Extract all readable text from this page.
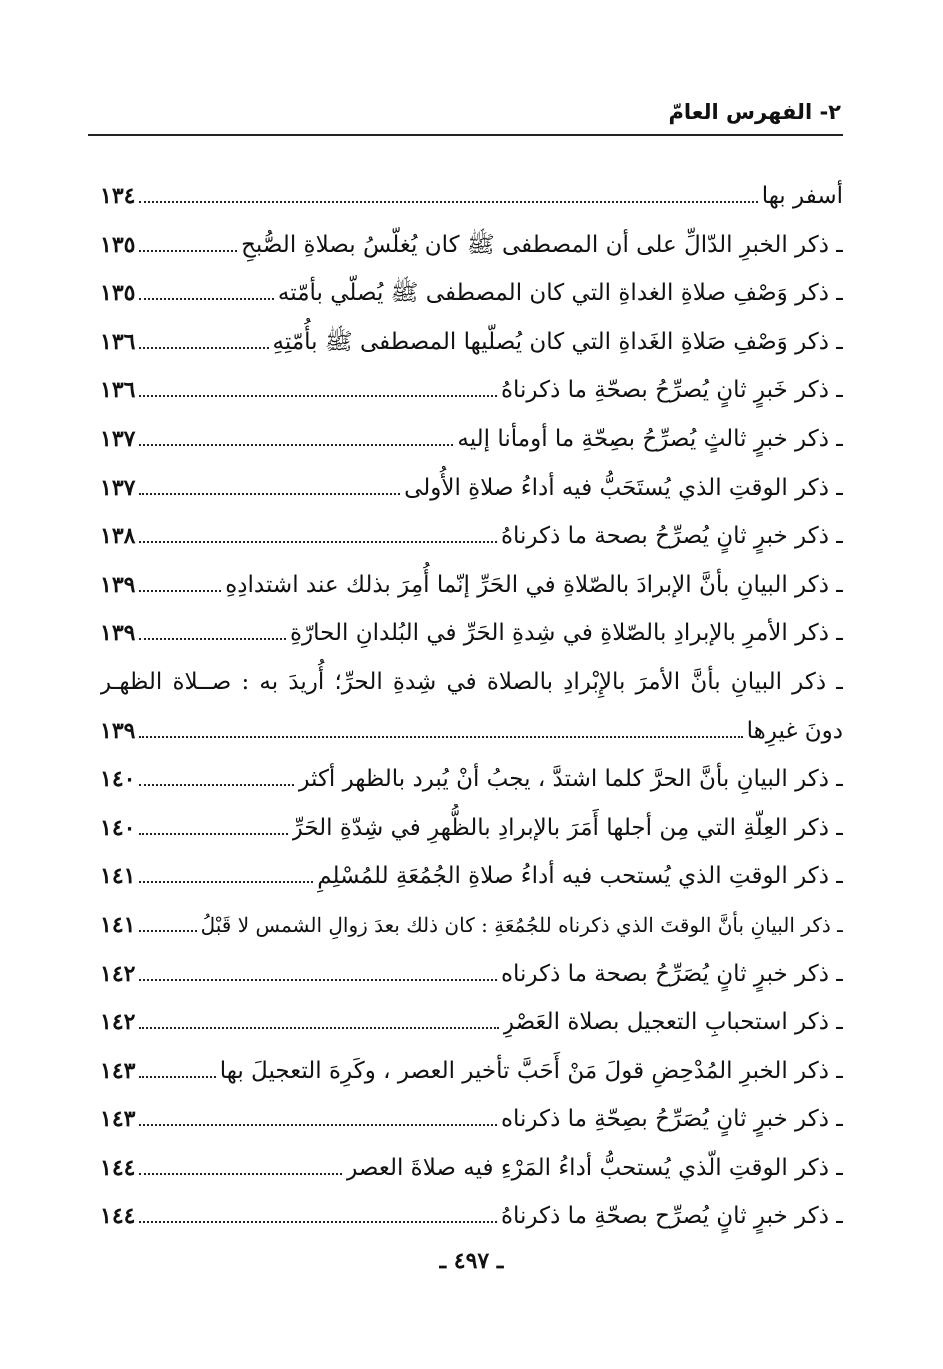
٢- الفهرس العامّ
أسفر بها
١٣٤
ـ ذكر الخبرِ الدّالِّ على أن المصطفى ﷺ كان يُغلّسُ بصلاةِ الصُّبحِ
١٣٥
ـ ذكر وَصْفِ صلاةِ الغداةِ التي كان المصطفى ﷺ يُصلّي بأمّته
١٣٥
ـ ذكر وَصْفِ صَلاةِ الغَداةِ التي كان يُصلّيها المصطفى ﷺ بأُمّتِهِ
١٣٦
ـ ذكر خَبرٍ ثانٍ يُصرِّحُ بصحّةِ ما ذكرناهُ
١٣٦
ـ ذكر خبرٍ ثالثٍ يُصرِّحُ بصِحّةِ ما أومأنا إليه
١٣٧
ـ ذكر الوقتِ الذي يُستَحَبُّ فيه أداءُ صلاةِ الأُولى
١٣٧
ـ ذكر خبرٍ ثانٍ يُصرِّحُ بصحة ما ذكرناهُ
١٣٨
ـ ذكر البيانِ بأنَّ الإبرادَ بالصّلاةِ في الحَرِّ إنّما أُمِرَ بذلك عند اشتدادِهِ
١٣٩
ـ ذكر الأمرِ بالإبرادِ بالصّلاةِ في شِدةِ الحَرِّ في البُلدانِ الحارّةِ
١٣٩
ـ ذكر البيانِ بأنَّ الأمرَ بالإِبْرادِ بالصلاة في شِدةِ الحرِّ؛ أُريدَ به : صــلاة الظهـر
دونَ غيرِها
١٣٩
ـ ذكر البيانِ بأنَّ الحرَّ كلما اشتدَّ ، يجبُ أنْ يُبرد بالظهر أكثر
١٤٠
ـ ذكر العِلّةِ التي مِن أجلها أَمَرَ بالإبرادِ بالظُّهرِ في شِدّةِ الحَرِّ
١٤٠
ـ ذكر الوقتِ الذي يُستحب فيه أداءُ صلاةِ الجُمُعَةِ للمُسْلِمِ
١٤١
ـ ذكر البيانِ بأنَّ الوقتَ الذي ذكرناه للجُمُعَةِ : كان ذلك بعدَ زوالِ الشمس لا قَبْلُ
١٤١
ـ ذكر خبرٍ ثانٍ يُصَرِّحُ بصحة ما ذكرناه
١٤٢
ـ ذكر استحبابِ التعجيل بصلاة العَصْرِ
١٤٢
ـ ذكر الخبرِ المُدْحِضِ قولَ مَنْ أَحَبَّ تأخير العصر ، وكَرِهَ التعجيلَ بها
١٤٣
ـ ذكر خبرٍ ثانٍ يُصَرِّحُ بصِحّةِ ما ذكرناه
١٤٣
ـ ذكر الوقتِ الّذي يُستحبُّ أداءُ المَرْءِ فيه صلاةَ العصر
١٤٤
ـ ذكر خبرٍ ثانٍ يُصرِّح بصحّةِ ما ذكرناهُ
١٤٤
ـ ٤٩٧ ـ
